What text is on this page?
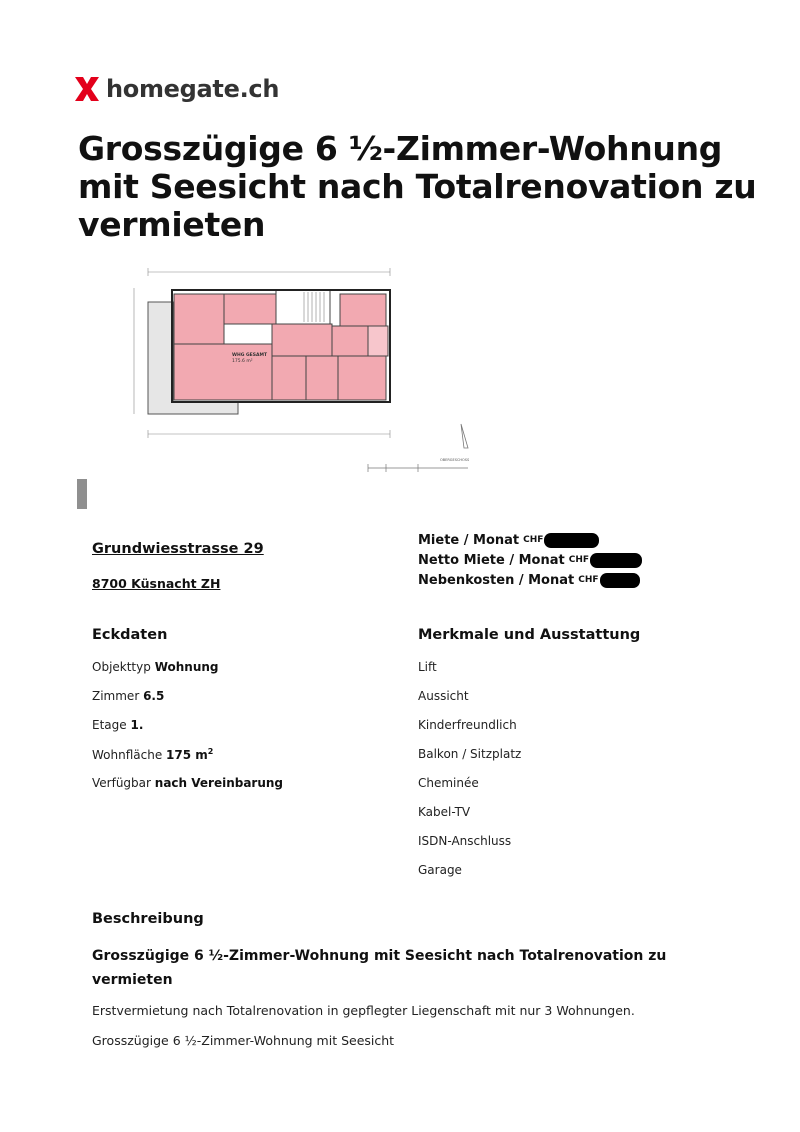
homegate.ch
Grosszügige 6 ½-Zimmer-Wohnung mit Seesicht nach Totalrenovation zu vermieten
WHG GESAMT
175.6 m²
OBERGESCHOSS
Grundwiesstrasse 29
8700 Küsnacht ZH
Miete / Monat CHF
Netto Miete / Monat CHF
Nebenkosten / Monat CHF
Eckdaten
Objekttyp Wohnung
Zimmer 6.5
Etage 1.
Wohnfläche 175 $m^2$
Verfügbar nach Vereinbarung
Merkmale und Ausstattung
Lift
Aussicht
Kinderfreundlich
Balkon / Sitzplatz
Cheminée
Kabel-TV
ISDN-Anschluss
Garage
Beschreibung

Grosszügige 6 ½-Zimmer-Wohnung mit Seesicht nach Totalrenovation zu vermieten

Erstvermietung nach Totalrenovation in gepflegter Liegenschaft mit nur 3 Wohnungen.
Grosszügige 6 ½-Zimmer-Wohnung mit Seesicht
